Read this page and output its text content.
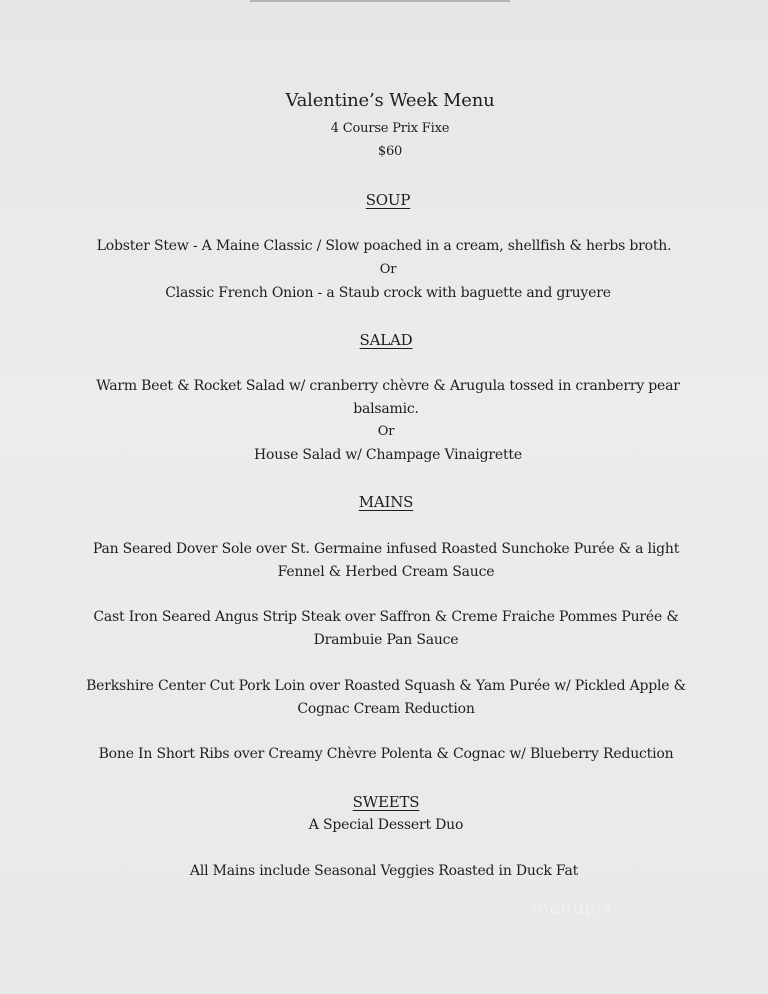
Valentine’s Week Menu
4 Course Prix Fixe
$60
SOUP
Lobster Stew - A Maine Classic / Slow poached in a cream, shellfish & herbs broth.
Or
Classic French Onion - a Staub crock with baguette and gruyere
SALAD
Warm Beet & Rocket Salad w/ cranberry chèvre & Arugula tossed in cranberry pear
balsamic.
Or
House Salad w/ Champage Vinaigrette
MAINS
Pan Seared Dover Sole over St. Germaine infused Roasted Sunchoke Purée & a light
Fennel & Herbed Cream Sauce
Cast Iron Seared Angus Strip Steak over Saffron & Creme Fraiche Pommes Purée &
Drambuie Pan Sauce
Berkshire Center Cut Pork Loin over Roasted Squash & Yam Purée w/ Pickled Apple &
Cognac Cream Reduction
Bone In Short Ribs over Creamy Chèvre Polenta & Cognac w/ Blueberry Reduction
SWEETS
A Special Dessert Duo
All Mains include Seasonal Veggies Roasted in Duck Fat
menupix
